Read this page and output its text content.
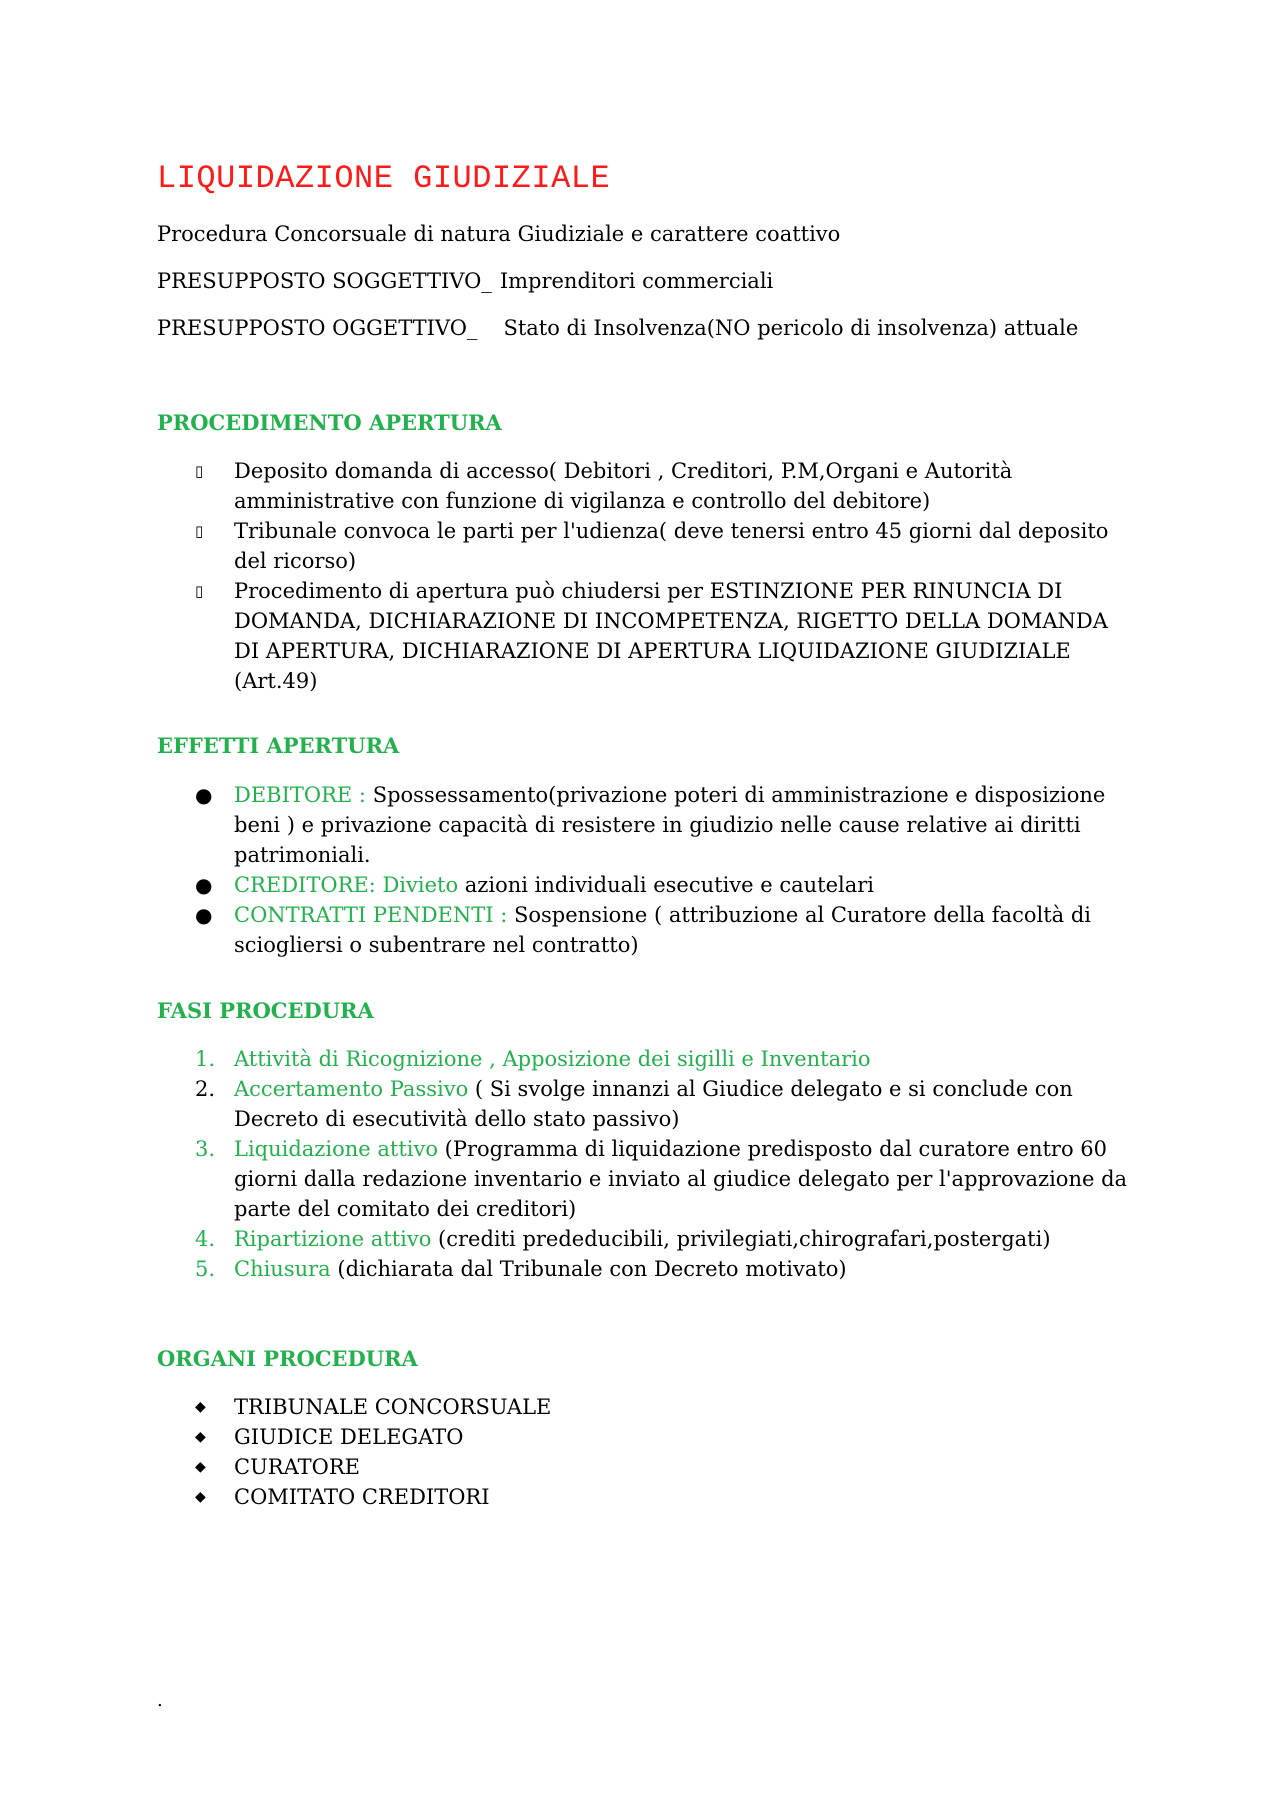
LIQUIDAZIONE GIUDIZIALE
Procedura Concorsuale di natura Giudiziale e carattere coattivo
PRESUPPOSTO SOGGETTIVO_ Imprenditori commerciali
PRESUPPOSTO OGGETTIVO_ Stato di Insolvenza(NO pericolo di insolvenza) attuale
PROCEDIMENTO APERTURA
▯	Deposito domanda di accesso( Debitori , Creditori, P.M,Organi e Autorità amministrative con funzione di vigilanza e controllo del debitore)
▯	Tribunale convoca le parti per l'udienza( deve tenersi entro 45 giorni dal deposito del ricorso)
▯	Procedimento di apertura può chiudersi per ESTINZIONE PER RINUNCIA DI DOMANDA, DICHIARAZIONE DI INCOMPETENZA, RIGETTO DELLA DOMANDA DI APERTURA, DICHIARAZIONE DI APERTURA LIQUIDAZIONE GIUDIZIALE (Art.49)
EFFETTI APERTURA
●	DEBITORE : Spossessamento(privazione poteri di amministrazione e disposizione beni ) e privazione capacità di resistere in giudizio nelle cause relative ai diritti patrimoniali.
●	CREDITORE: Divieto azioni individuali esecutive e cautelari
●	CONTRATTI PENDENTI : Sospensione ( attribuzione al Curatore della facoltà di sciogliersi o subentrare nel contratto)
FASI PROCEDURA
1. Attività di Ricognizione , Apposizione dei sigilli e Inventario
2. Accertamento Passivo ( Si svolge innanzi al Giudice delegato e si conclude con Decreto di esecutività dello stato passivo)
3. Liquidazione attivo (Programma di liquidazione predisposto dal curatore entro 60 giorni dalla redazione inventario e inviato al giudice delegato per l'approvazione da parte del comitato dei creditori)
4. Ripartizione attivo (crediti prededucibili, privilegiati,chirografari,postergati)
5. Chiusura (dichiarata dal Tribunale con Decreto motivato)
ORGANI PROCEDURA
◆	TRIBUNALE CONCORSUALE
◆	GIUDICE DELEGATO
◆	CURATORE
◆	COMITATO CREDITORI
.
